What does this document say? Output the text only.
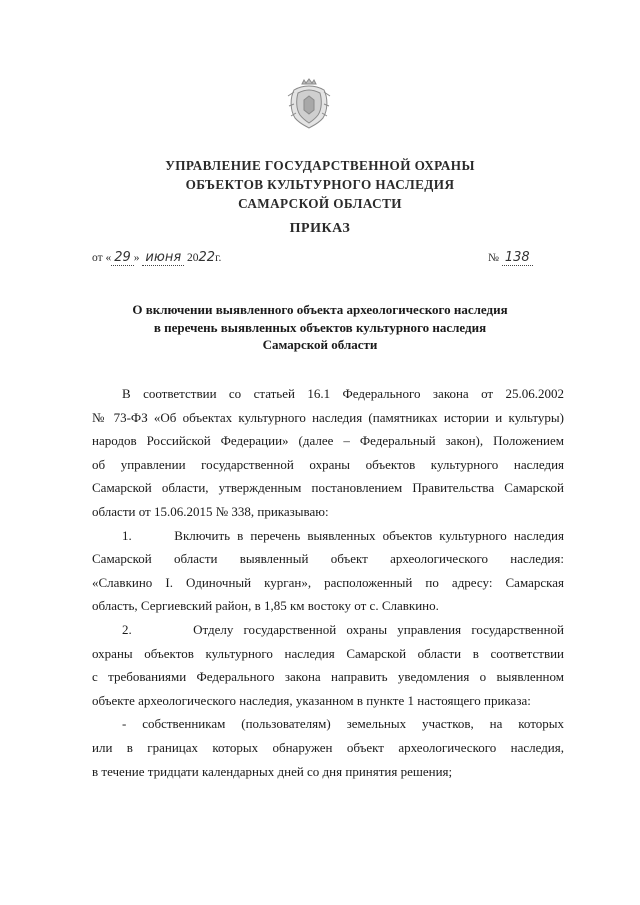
УПРАВЛЕНИЕ ГОСУДАРСТВЕННОЙ ОХРАНЫ
ОБЪЕКТОВ КУЛЬТУРНОГО НАСЛЕДИЯ
САМАРСКОЙ ОБЛАСТИ
ПРИКАЗ
от « 29 » июня 2022г.	№ 138
О включении выявленного объекта археологического наследия
в перечень выявленных объектов культурного наследия
Самарской области
В соответствии со статьей 16.1 Федерального закона от 25.06.2002
№ 73-ФЗ «Об объектах культурного наследия (памятниках истории и культуры)
народов Российской Федерации» (далее – Федеральный закон), Положением
об управлении государственной охраны объектов культурного наследия
Самарской области, утвержденным постановлением Правительства Самарской
области от 15.06.2015 № 338, приказываю:
1.      Включить в перечень выявленных объектов культурного наследия
Самарской области выявленный объект археологического наследия:
«Славкино I. Одиночный курган», расположенный по адресу: Самарская
область, Сергиевский район, в 1,85 км востоку от с. Славкино.
2.      Отделу государственной охраны управления государственной
охраны объектов культурного наследия Самарской области в соответствии
с требованиями Федерального закона направить уведомления о выявленном
объекте археологического наследия, указанном в пункте 1 настоящего приказа:
- собственникам (пользователям) земельных участков, на которых
или в границах которых обнаружен объект археологического наследия,
в течение тридцати календарных дней со дня принятия решения;
